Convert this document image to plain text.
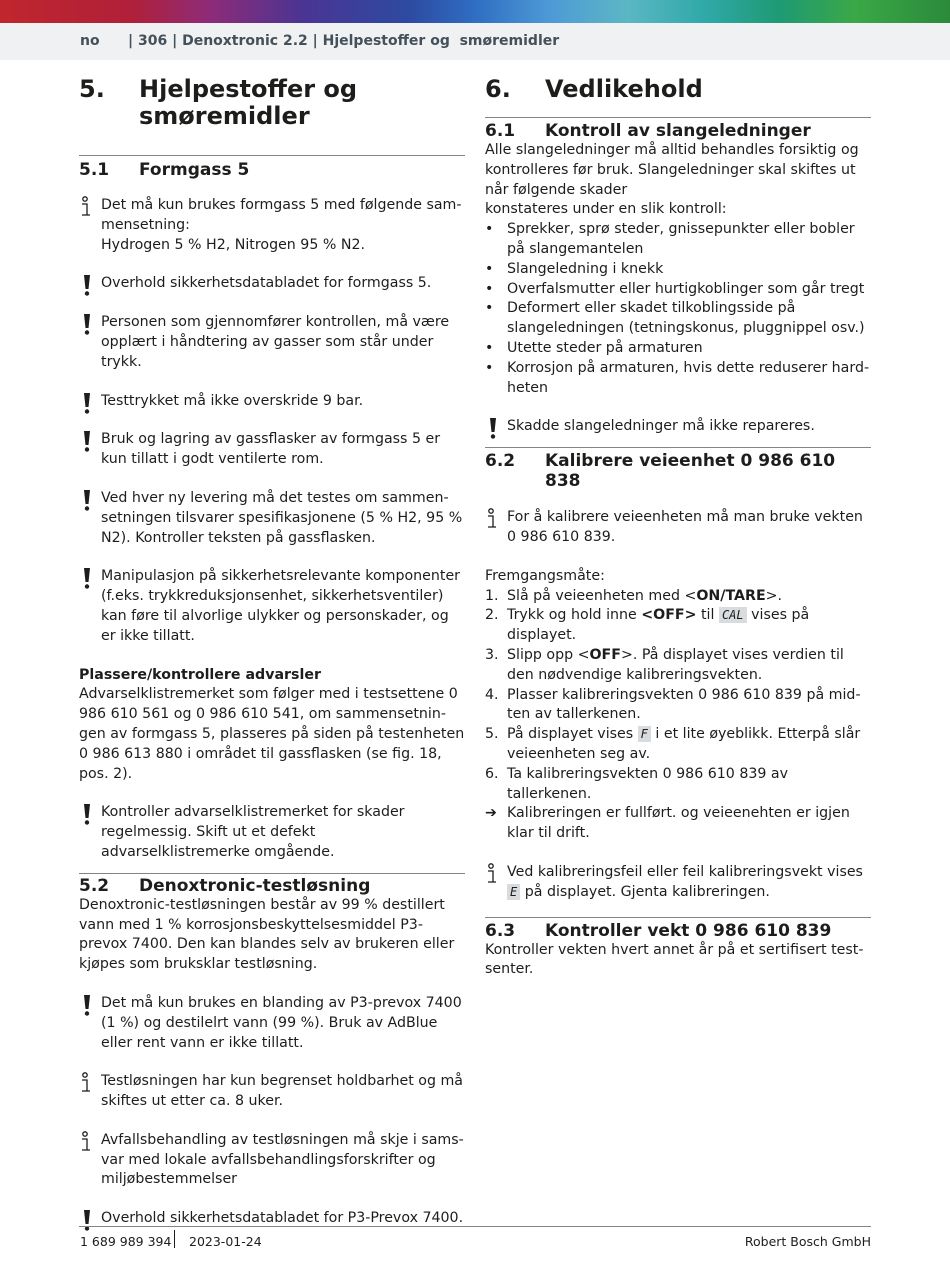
no | 306 | Denoxtronic 2.2 | Hjelpestoffer og  smøremidler
5.	Hjelpestoffer og smøremidler
5.1	Formgass 5

Det må kun brukes formgass 5 med følgende sammensetning:

Hydrogen 5 % H2, Nitrogen 95 % N2.

Overhold sikkerhetsdatabladet for formgass 5.

Personen som gjennomfører kontrollen, må være opplært i håndtering av gasser som står under trykk.

Testtrykket må ikke overskride 9 bar.

Bruk og lagring av gassflasker av formgass 5 er kun tillatt i godt ventilerte rom.

Ved hver ny levering må det testes om sammensetningen tilsvarer spesifikasjonene (5 % H2, 95 % N2). Kontroller teksten på gassflasken.

Manipulasjon på sikkerhetsrelevante komponenter (f.eks. trykkreduksjonsenhet, sikkerhetsventiler) kan føre til alvorlige ulykker og personskader, og er ikke tillatt.

Plassere/kontrollere advarsler

Advarselklistremerket som følger med i testsettene 0 986 610 561 og 0 986 610 541, om sammensetningen av formgass 5, plasseres på siden på testenheten 0 986 613 880 i området til gassflasken (se fig. 18, pos. 2).

Kontroller advarselklistremerket for skader regelmessig. Skift ut et defekt advarselklistremerke omgående.

5.2	Denoxtronic-testløsning

Denoxtronic-testløsningen består av 99 % destillert vann med 1 % korrosjonsbeskyttelsesmiddel P3-prevox 7400. Den kan blandes selv av brukeren eller kjøpes som bruksklar testløsning.

Det må kun brukes en blanding av P3-prevox 7400 (1 %) og destilelrt vann (99 %). Bruk av AdBlue eller rent vann er ikke tillatt.

Testløsningen har kun begrenset holdbarhet og må skiftes ut etter ca. 8 uker.

Avfallsbehandling av testløsningen må skje i samsvar med lokale avfallsbehandlingsforskrifter og miljøbestemmelser

Overhold sikkerhetsdatabladet for P3-Prevox 7400.

6.	Vedlikehold
6.1	Kontroll av slangeledninger

Alle slangeledninger må alltid behandles forsiktig og kontrolleres før bruk. Slangeledninger skal skiftes ut når følgende skader

konstateres under en slik kontroll:

• Sprekker, sprø steder, gnissepunkter eller bobler på slangemantelen
• Slangeledning i knekk
• Overfalsmutter eller hurtigkoblinger som går tregt
• Deformert eller skadet tilkoblingsside på slangeledningen (tetningskonus, pluggnippel osv.)
• Utette steder på armaturen
• Korrosjon på armaturen, hvis dette reduserer hardheten

Skadde slangeledninger må ikke repareres.

6.2	Kalibrere veieenhet 0 986 610 838

For å kalibrere veieenheten må man bruke vekten 0 986 610 839.

Fremgangsmåte:

1. Slå på veieenheten med <ON/TARE>.
2. Trykk og hold inne <OFF> til CAL vises på displayet.
3. Slipp opp <OFF>. På displayet vises verdien til den nødvendige kalibreringsvekten.
4. Plasser kalibreringsvekten 0 986 610 839 på midten av tallerkenen.
5. På displayet vises F i et lite øyeblikk. Etterpå slår veieenheten seg av.
6. Ta kalibreringsvekten 0 986 610 839 av tallerkenen.
➔ Kalibreringen er fullført. og veieenehten er igjen klar til drift.

Ved kalibreringsfeil eller feil kalibreringsvekt vises E på displayet. Gjenta kalibreringen.

6.3	Kontroller vekt 0 986 610 839

Kontroller vekten hvert annet år på et sertifisert testsenter.

1 689 989 394 2023-01-24	Robert Bosch GmbH
